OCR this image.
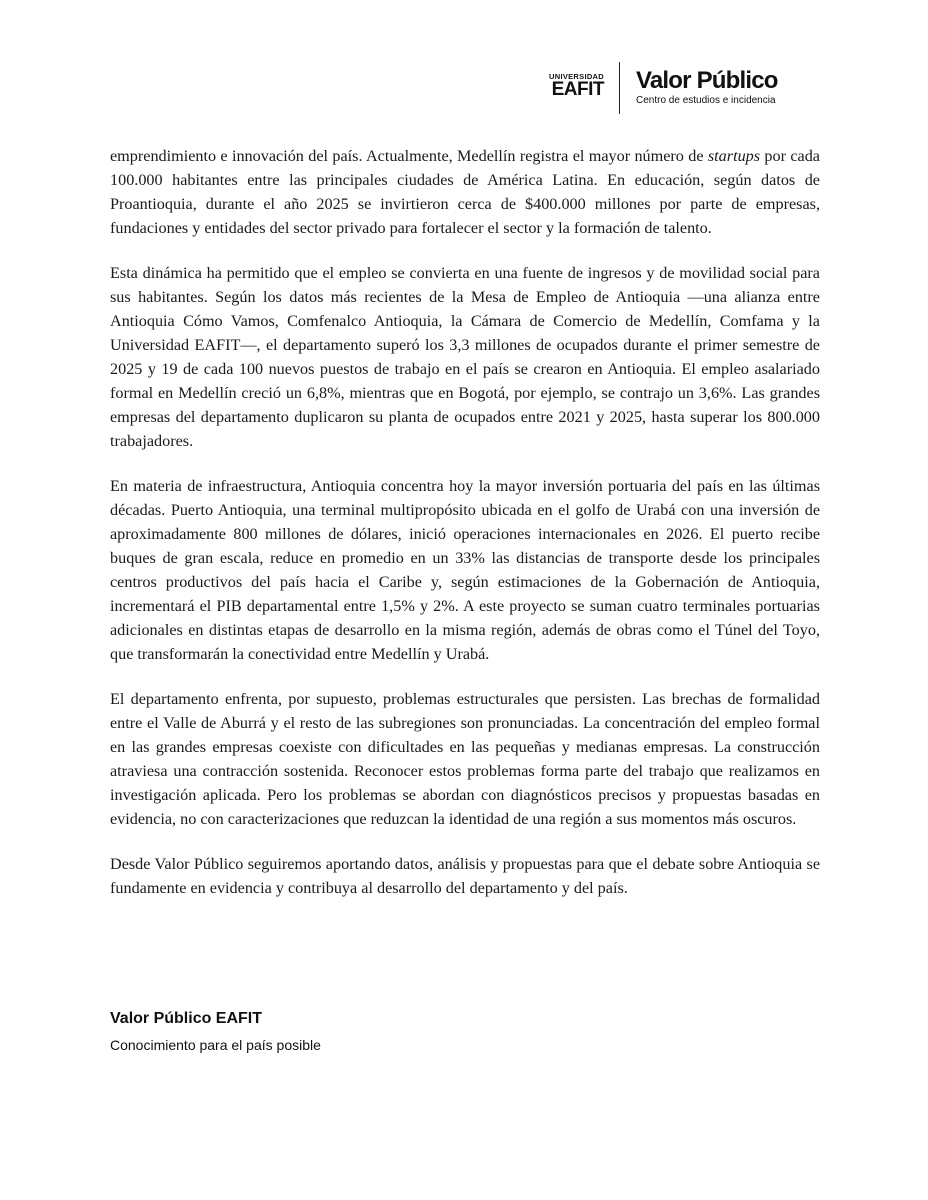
UNIVERSIDAD
EAFIT Valor Público
Centro de estudios e incidencia

emprendimiento e innovación del país. Actualmente, Medellín registra el mayor número de startups por cada 100.000 habitantes entre las principales ciudades de América Latina. En educación, según datos de Proantioquia, durante el año 2025 se invirtieron cerca de $400.000 millones por parte de empresas, fundaciones y entidades del sector privado para fortalecer el sector y la formación de talento.

Esta dinámica ha permitido que el empleo se convierta en una fuente de ingresos y de movilidad social para sus habitantes. Según los datos más recientes de la Mesa de Empleo de Antioquia —una alianza entre Antioquia Cómo Vamos, Comfenalco Antioquia, la Cámara de Comercio de Medellín, Comfama y la Universidad EAFIT—, el departamento superó los 3,3 millones de ocupados durante el primer semestre de 2025 y 19 de cada 100 nuevos puestos de trabajo en el país se crearon en Antioquia. El empleo asalariado formal en Medellín creció un 6,8%, mientras que en Bogotá, por ejemplo, se contrajo un 3,6%. Las grandes empresas del departamento duplicaron su planta de ocupados entre 2021 y 2025, hasta superar los 800.000 trabajadores.

En materia de infraestructura, Antioquia concentra hoy la mayor inversión portuaria del país en las últimas décadas. Puerto Antioquia, una terminal multipropósito ubicada en el golfo de Urabá con una inversión de aproximadamente 800 millones de dólares, inició operaciones internacionales en 2026. El puerto recibe buques de gran escala, reduce en promedio en un 33% las distancias de transporte desde los principales centros productivos del país hacia el Caribe y, según estimaciones de la Gobernación de Antioquia, incrementará el PIB departamental entre 1,5% y 2%. A este proyecto se suman cuatro terminales portuarias adicionales en distintas etapas de desarrollo en la misma región, además de obras como el Túnel del Toyo, que transformarán la conectividad entre Medellín y Urabá.

El departamento enfrenta, por supuesto, problemas estructurales que persisten. Las brechas de formalidad entre el Valle de Aburrá y el resto de las subregiones son pronunciadas. La concentración del empleo formal en las grandes empresas coexiste con dificultades en las pequeñas y medianas empresas. La construcción atraviesa una contracción sostenida. Reconocer estos problemas forma parte del trabajo que realizamos en investigación aplicada. Pero los problemas se abordan con diagnósticos precisos y propuestas basadas en evidencia, no con caracterizaciones que reduzcan la identidad de una región a sus momentos más oscuros.

Desde Valor Público seguiremos aportando datos, análisis y propuestas para que el debate sobre Antioquia se fundamente en evidencia y contribuya al desarrollo del departamento y del país.

Valor Público EAFIT
Conocimiento para el país posible
